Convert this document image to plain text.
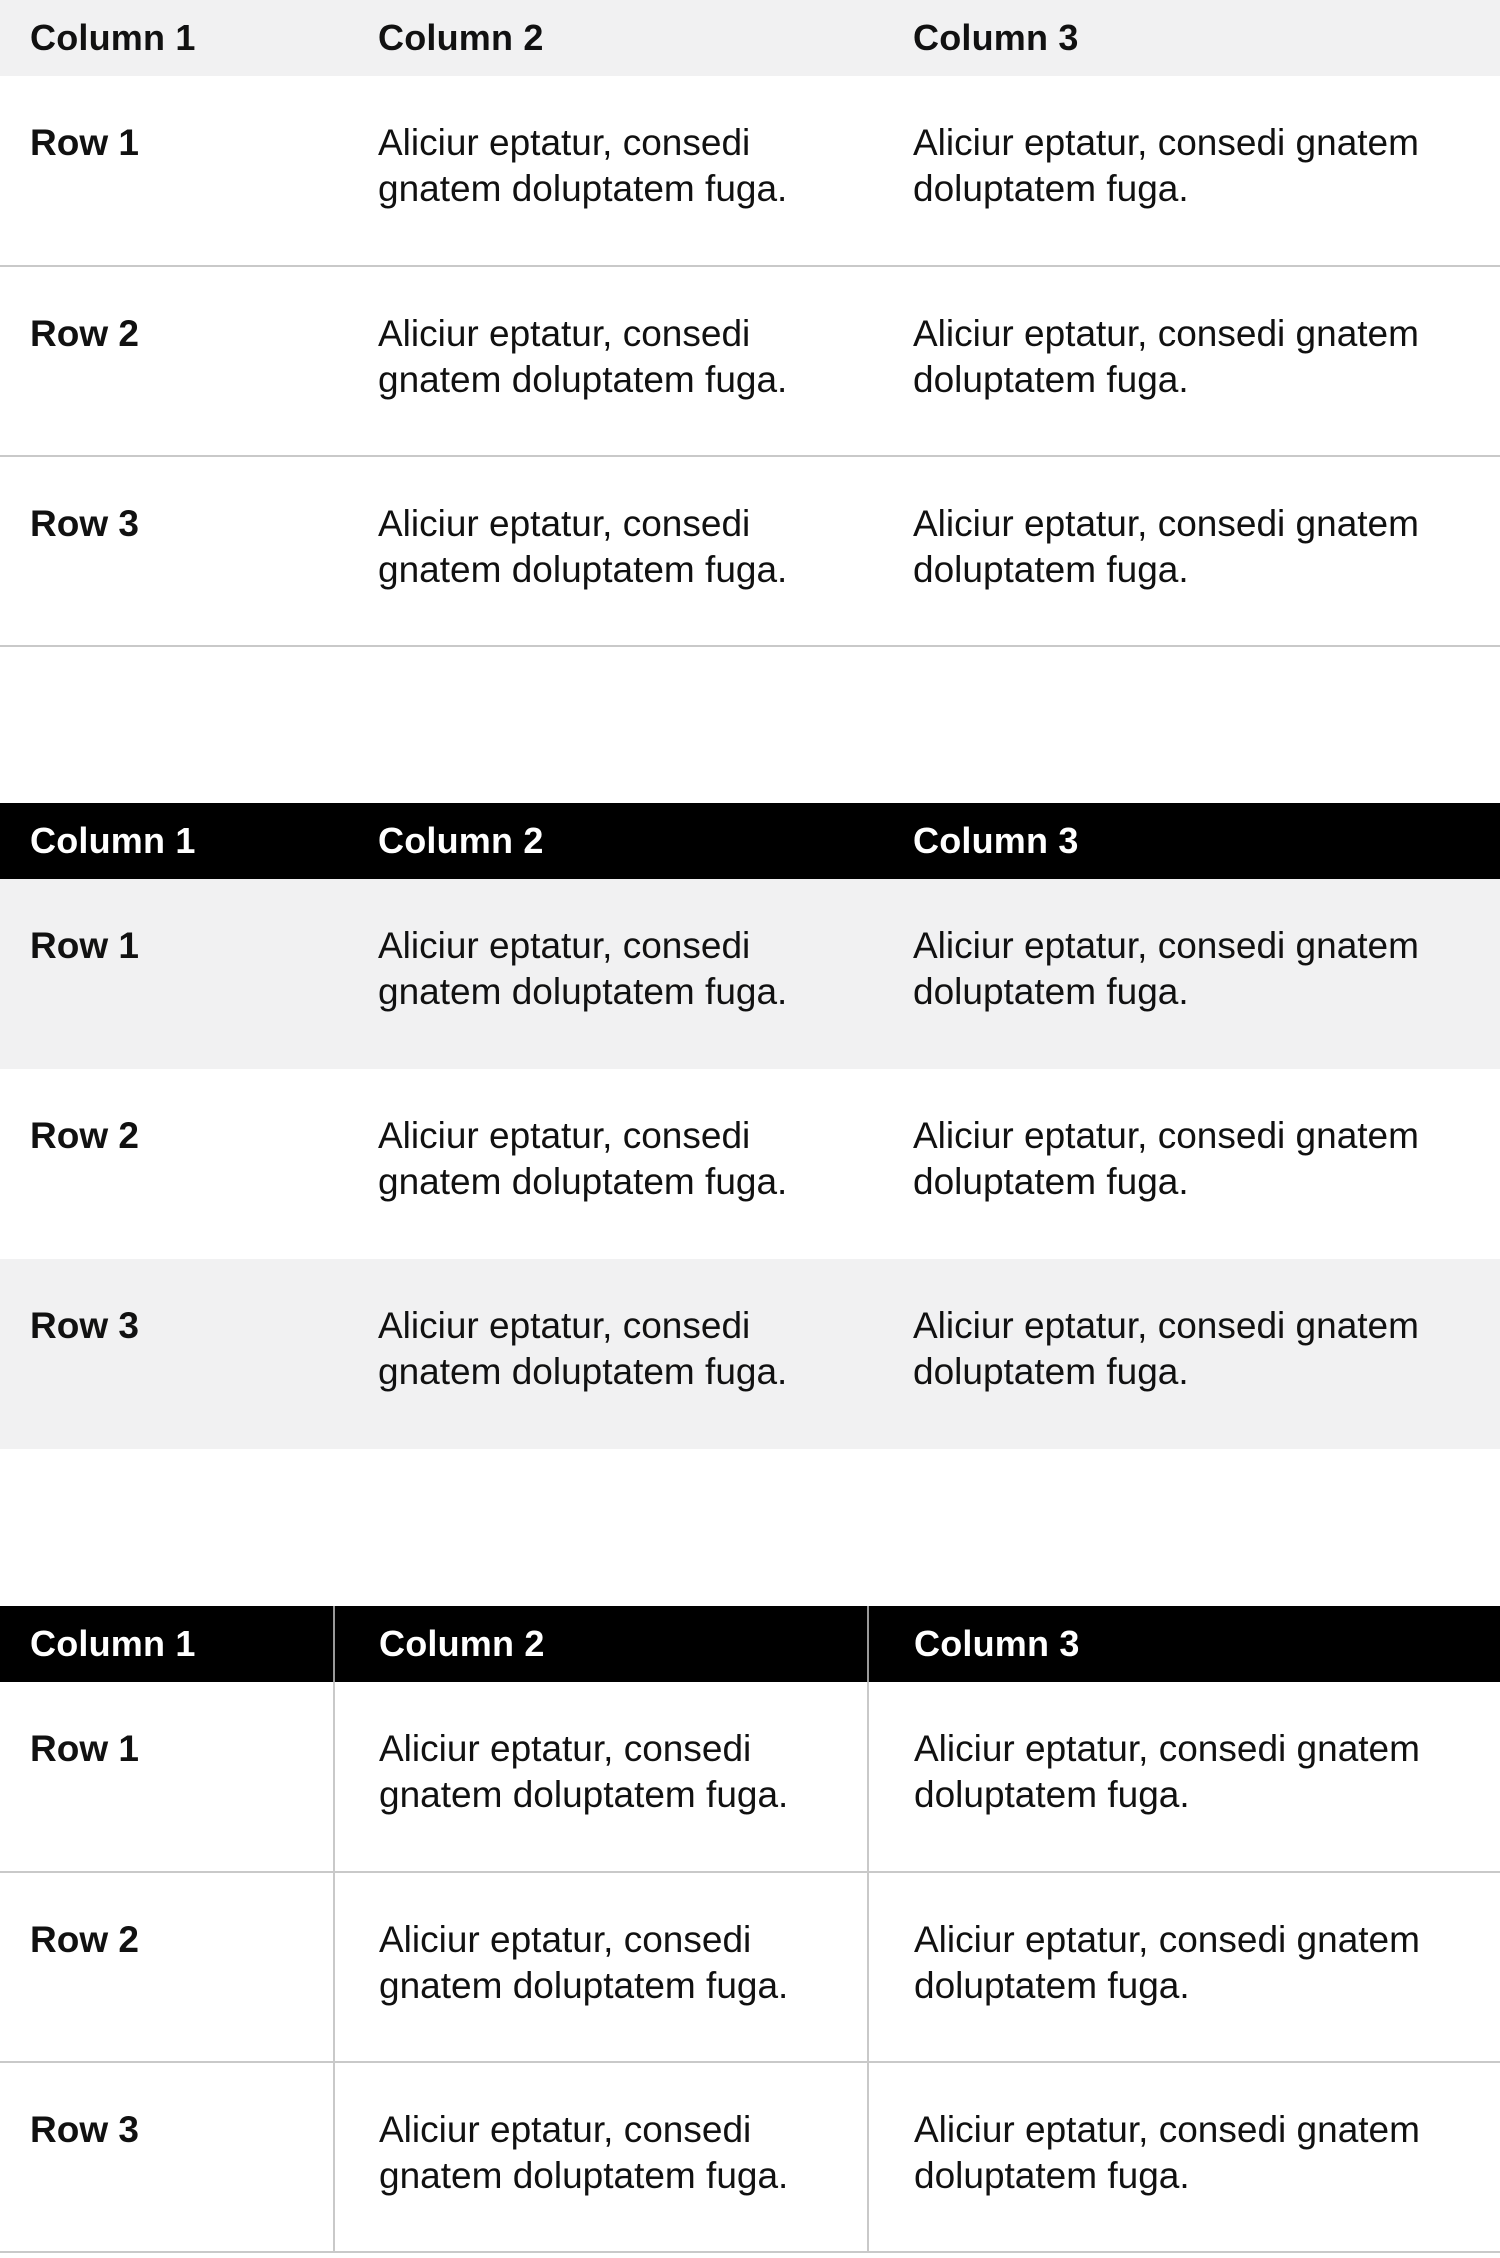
Column 1	Column 2	Column 3
Row 1	Aliciur eptatur, consedi gnatem doluptatem fuga.	Aliciur eptatur, consedi gnatem doluptatem fuga.
Row 2	Aliciur eptatur, consedi gnatem doluptatem fuga.	Aliciur eptatur, consedi gnatem doluptatem fuga.
Row 3	Aliciur eptatur, consedi gnatem doluptatem fuga.	Aliciur eptatur, consedi gnatem doluptatem fuga.
Column 1	Column 2	Column 3
Row 1	Aliciur eptatur, consedi gnatem doluptatem fuga.	Aliciur eptatur, consedi gnatem doluptatem fuga.
Row 2	Aliciur eptatur, consedi gnatem doluptatem fuga.	Aliciur eptatur, consedi gnatem doluptatem fuga.
Row 3	Aliciur eptatur, consedi gnatem doluptatem fuga.	Aliciur eptatur, consedi gnatem doluptatem fuga.
Column 1	Column 2	Column 3
Row 1	Aliciur eptatur, consedi gnatem doluptatem fuga.	Aliciur eptatur, consedi gnatem doluptatem fuga.
Row 2	Aliciur eptatur, consedi gnatem doluptatem fuga.	Aliciur eptatur, consedi gnatem doluptatem fuga.
Row 3	Aliciur eptatur, consedi gnatem doluptatem fuga.	Aliciur eptatur, consedi gnatem doluptatem fuga.
